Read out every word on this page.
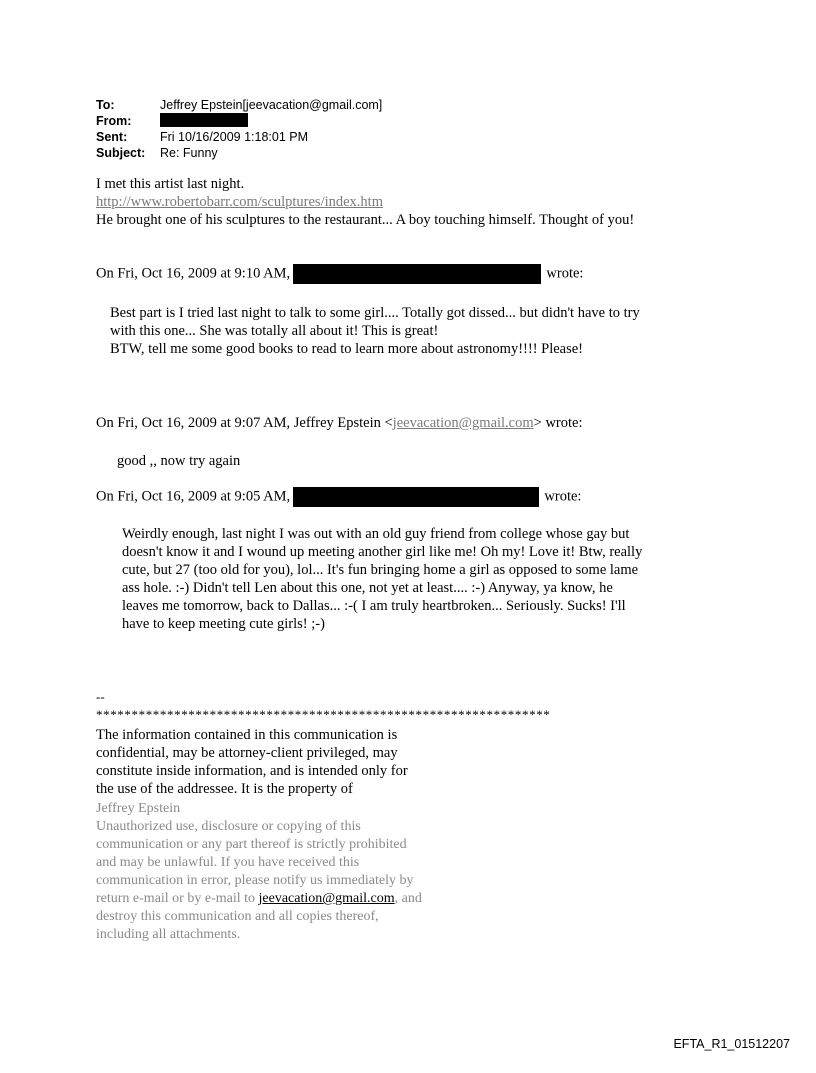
To:	Jeffrey Epstein[jeevacation@gmail.com]
From:
Sent:	Fri 10/16/2009 1:18:01 PM
Subject:	Re: Funny
I met this artist last night.
http://www.robertobarr.com/sculptures/index.htm
He brought one of his sculptures to the restaurant... A boy touching himself. Thought of you!
On Fri, Oct 16, 2009 at 9:10 AM,	wrote:
Best part is I tried last night to talk to some girl.... Totally got dissed... but didn't have to try
with this one... She was totally all about it! This is great!
BTW, tell me some good books to read to learn more about astronomy!!!! Please!
On Fri, Oct 16, 2009 at 9:07 AM, Jeffrey Epstein <jeevacation@gmail.com> wrote:
good ,, now try again
On Fri, Oct 16, 2009 at 9:05 AM,	wrote:
Weirdly enough, last night I was out with an old guy friend from college whose gay but
doesn't know it and I wound up meeting another girl like me! Oh my! Love it! Btw, really
cute, but 27 (too old for you), lol... It's fun bringing home a girl as opposed to some lame
ass hole. :-) Didn't tell Len about this one, not yet at least.... :-) Anyway, ya know, he
leaves me tomorrow, back to Dallas... :-( I am truly heartbroken... Seriously. Sucks! I'll
have to keep meeting cute girls! ;-)
--
****************************************************************
The information contained in this communication is
confidential, may be attorney-client privileged, may
constitute inside information, and is intended only for
the use of the addressee. It is the property of
Jeffrey Epstein
Unauthorized use, disclosure or copying of this
communication or any part thereof is strictly prohibited
and may be unlawful. If you have received this
communication in error, please notify us immediately by
return e-mail or by e-mail to jeevacation@gmail.com, and
destroy this communication and all copies thereof,
including all attachments.
EFTA_R1_01512207
